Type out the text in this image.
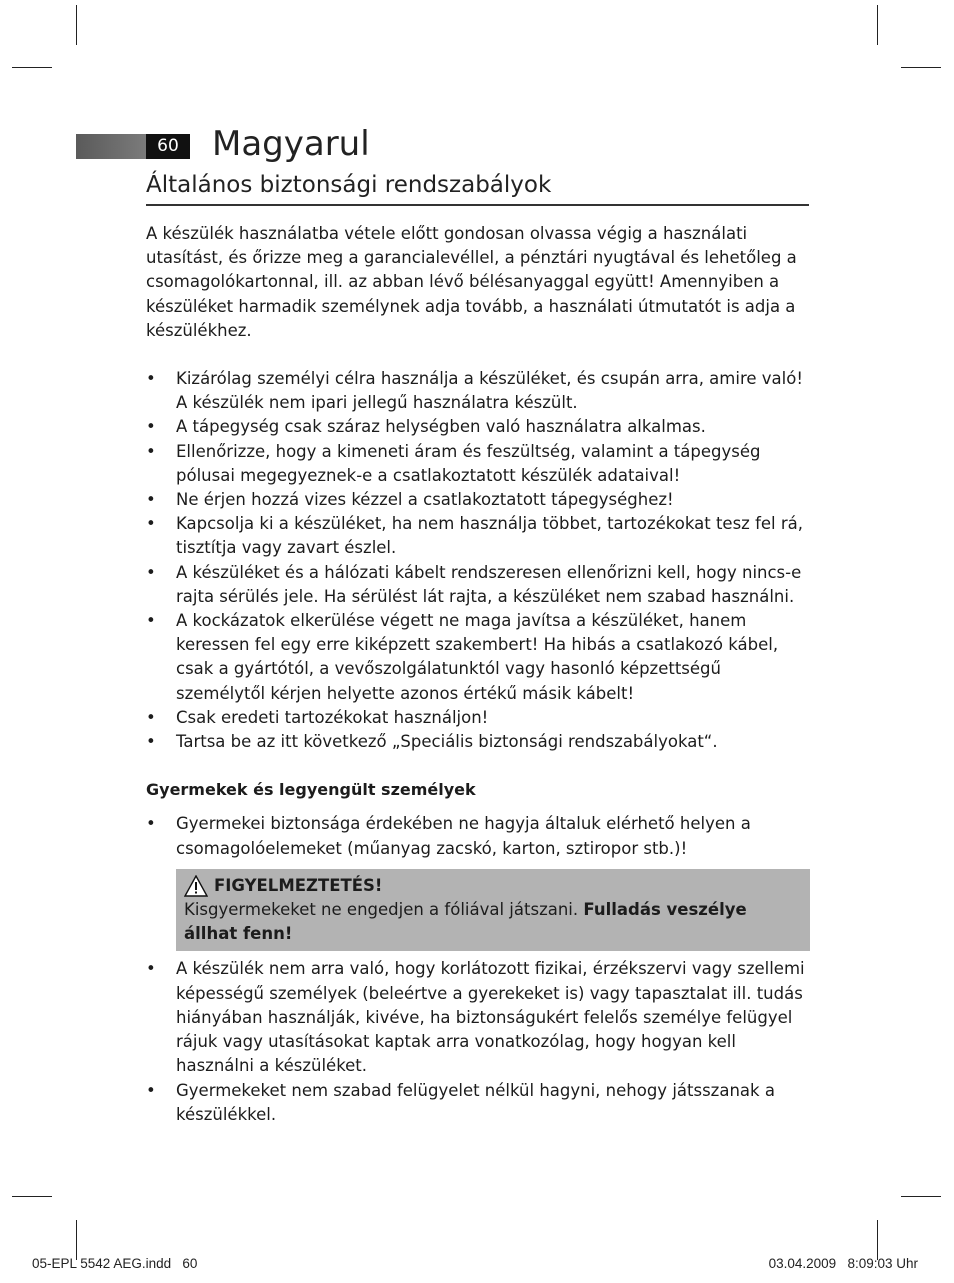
60 Magyarul
Általános biztonsági rendszabályok

A készülék használatba vétele előtt gondosan olvassa végig a használati utasítást, és őrizze meg a garancialevéllel, a pénztári nyugtával és lehetőleg a csomagolókartonnal, ill. az abban lévő bélésanyaggal együtt! Amennyiben a készüléket harmadik személynek adja tovább, a használati útmutatót is adja a készülékhez.

• Kizárólag személyi célra használja a készüléket, és csupán arra, amire való! A készülék nem ipari jellegű használatra készült.
• A tápegység csak száraz helységben való használatra alkalmas.
• Ellenőrizze, hogy a kimeneti áram és feszültség, valamint a tápegység pólusai megegyeznek-e a csatlakoztatott készülék adataival!
• Ne érjen hozzá vizes kézzel a csatlakoztatott tápegységhez!
• Kapcsolja ki a készüléket, ha nem használja többet, tartozékokat tesz fel rá, tisztítja vagy zavart észlel.
• A készüléket és a hálózati kábelt rendszeresen ellenőrizni kell, hogy nincs-e rajta sérülés jele. Ha sérülést lát rajta, a készüléket nem szabad használni.
• A kockázatok elkerülése végett ne maga javítsa a készüléket, hanem keressen fel egy erre kiképzett szakembert! Ha hibás a csatlakozó kábel, csak a gyártótól, a vevőszolgálatunktól vagy hasonló képzettségű személytől kérjen helyette azonos értékű másik kábelt!
• Csak eredeti tartozékokat használjon!
• Tartsa be az itt következő „Speciális biztonsági rendszabályokat“.

Gyermekek és legyengült személyek

• Gyermekei biztonsága érdekében ne hagyja általuk elérhető helyen a csomagolóelemeket (műanyag zacskó, karton, sztiropor stb.)!
FIGYELMEZTETÉS!
Kisgyermekeket ne engedjen a fóliával játszani. Fulladás veszélye állhat fenn!
• A készülék nem arra való, hogy korlátozott fizikai, érzékszervi vagy szellemi képességű személyek (beleértve a gyerekeket is) vagy tapasztalat ill. tudás hiányában használják, kivéve, ha biztonságukért felelős személye felügyel rájuk vagy utasításokat kaptak arra vonatkozólag, hogy hogyan kell használni a készüléket.
• Gyermekeket nem szabad felügyelet nélkül hagyni, nehogy játsszanak a készülékkel.
05-EPL 5542 AEG.indd   60	03.04.2009   8:09:03 Uhr
